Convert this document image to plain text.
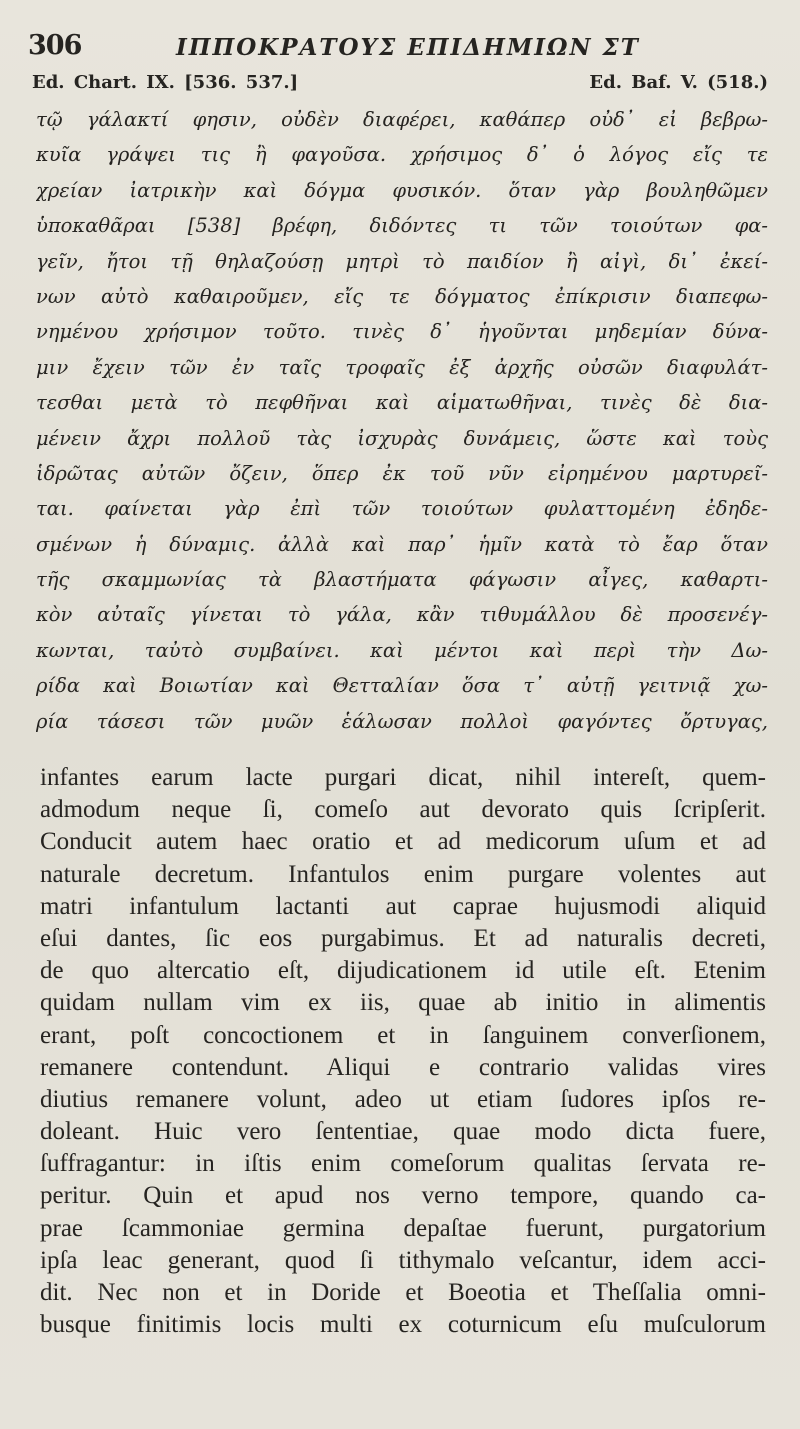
306	ΙΠΠΟΚΡΑΤΟΥΣ ΕΠΙΔΗΜΙΩΝ ΣΤ
Ed. Chart. IX. [536. 537.]	Ed. Baf. V. (518.)
τῷ γάλακτί φησιν, οὐδὲν διαφέρει, καθάπερ οὐδ᾿ εἰ βεβρω-
κυῖα γράψει τις ἢ φαγοῦσα. χρήσιμος δ᾿ ὁ λόγος εἴς τε
χρείαν ἰατρικὴν καὶ δόγμα φυσικόν. ὅταν γὰρ βουληθῶμεν
ὑποκαθᾶραι [538] βρέφη, διδόντες τι τῶν τοιούτων φα-
γεῖν, ἤτοι τῇ θηλαζούσῃ μητρὶ τὸ παιδίον ἢ αἰγὶ, δι᾿ ἐκεί-
νων αὐτὸ καθαιροῦμεν, εἴς τε δόγματος ἐπίκρισιν διαπεφω-
νημένου χρήσιμον τοῦτο. τινὲς δ᾿ ἡγοῦνται μηδεμίαν δύνα-
μιν ἔχειν τῶν ἐν ταῖς τροφαῖς ἐξ ἀρχῆς οὐσῶν διαφυλάτ-
τεσθαι μετὰ τὸ πεφθῆναι καὶ αἱματωθῆναι, τινὲς δὲ δια-
μένειν ἄχρι πολλοῦ τὰς ἰσχυρὰς δυνάμεις, ὥστε καὶ τοὺς
ἱδρῶτας αὐτῶν ὄζειν, ὅπερ ἐκ τοῦ νῦν εἰρημένου μαρτυρεῖ-
ται. φαίνεται γὰρ ἐπὶ τῶν τοιούτων φυλαττομένη ἐδηδε-
σμένων ἡ δύναμις. ἀλλὰ καὶ παρ᾿ ἡμῖν κατὰ τὸ ἔαρ ὅταν
τῆς σκαμμωνίας τὰ βλαστήματα φάγωσιν αἶγες, καθαρτι-
κὸν αὐταῖς γίνεται τὸ γάλα, κἂν τιθυμάλλου δὲ προσενέγ-
κωνται, ταὐτὸ συμβαίνει. καὶ μέντοι καὶ περὶ τὴν Δω-
ρίδα καὶ Βοιωτίαν καὶ Θετταλίαν ὅσα τ᾿ αὐτῇ γειτνιᾷ χω-
ρία τάσεσι τῶν μυῶν ἑάλωσαν πολλοὶ φαγόντες ὄρτυγας,
infantes earum lacte purgari dicat, nihil intereſt, quem-
admodum neque ſi, comeſo aut devorato quis ſcripſerit.
Conducit autem haec oratio et ad medicorum uſum et ad
naturale decretum. Infantulos enim purgare volentes aut
matri infantulum lactanti aut caprae hujusmodi aliquid
eſui dantes, ſic eos purgabimus. Et ad naturalis decreti,
de quo altercatio eſt, dijudicationem id utile eſt. Etenim
quidam nullam vim ex iis, quae ab initio in alimentis
erant, poſt concoctionem et in ſanguinem converſionem,
remanere contendunt. Aliqui e contrario validas vires
diutius remanere volunt, adeo ut etiam ſudores ipſos re-
doleant. Huic vero ſententiae, quae modo dicta fuere,
ſuffragantur: in iſtis enim comeſorum qualitas ſervata re-
peritur. Quin et apud nos verno tempore, quando ca-
prae ſcammoniae germina depaſtae fuerunt, purgatorium
ipſa leac generant, quod ſi tithymalo veſcantur, idem acci-
dit. Nec non et in Doride et Boeotia et Theſſalia omni-
busque finitimis locis multi ex coturnicum eſu muſculorum
